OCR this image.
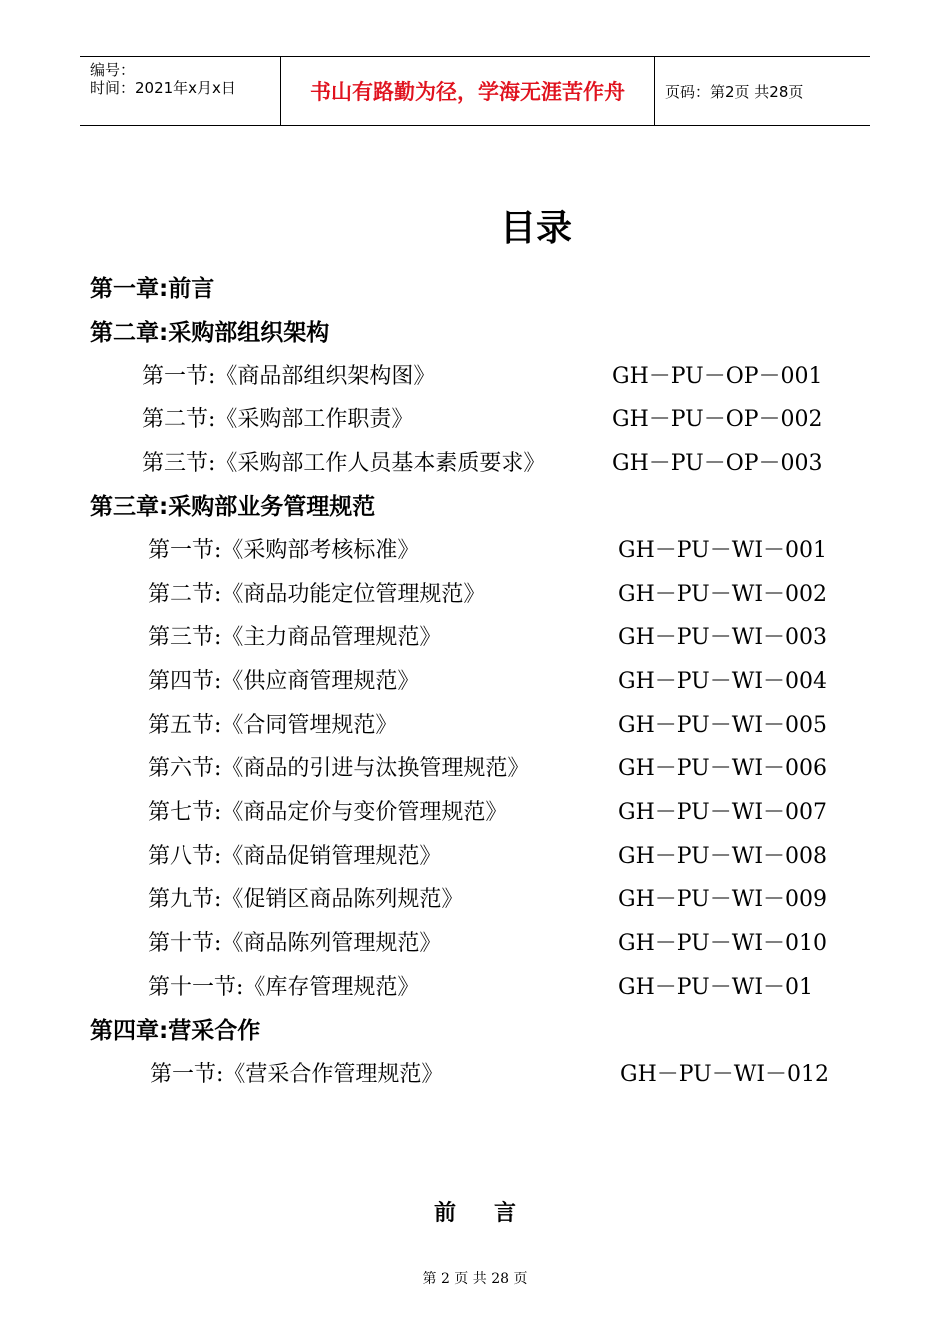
编号：
时间：2021年x月x日	书山有路勤为径，学海无涯苦作舟	页码：第2页 共28页
目录
第一章:前言
第二章:采购部组织架构
第一节:《商品部组织架构图》	GH－PU－OP－001
第二节:《采购部工作职责》	GH－PU－OP－002
第三节:《采购部工作人员基本素质要求》	GH－PU－OP－003
第三章:采购部业务管理规范
第一节:《采购部考核标准》	GH－PU－WI－001
第二节:《商品功能定位管理规范》	GH－PU－WI－002
第三节:《主力商品管理规范》	GH－PU－WI－003
第四节:《供应商管理规范》	GH－PU－WI－004
第五节:《合同管埋规范》	GH－PU－WI－005
第六节:《商品的引进与汰换管理规范》	GH－PU－WI－006
第七节:《商品定价与变价管理规范》	GH－PU－WI－007
第八节:《商品促销管理规范》	GH－PU－WI－008
第九节:《促销区商品陈列规范》	GH－PU－WI－009
第十节:《商品陈列管理规范》	GH－PU－WI－010
第十一节:《库存管理规范》	GH－PU－WI－01
第四章:营采合作
第一节:《营采合作管理规范》	GH－PU－WI－012
前言
第 2 页 共 28 页
